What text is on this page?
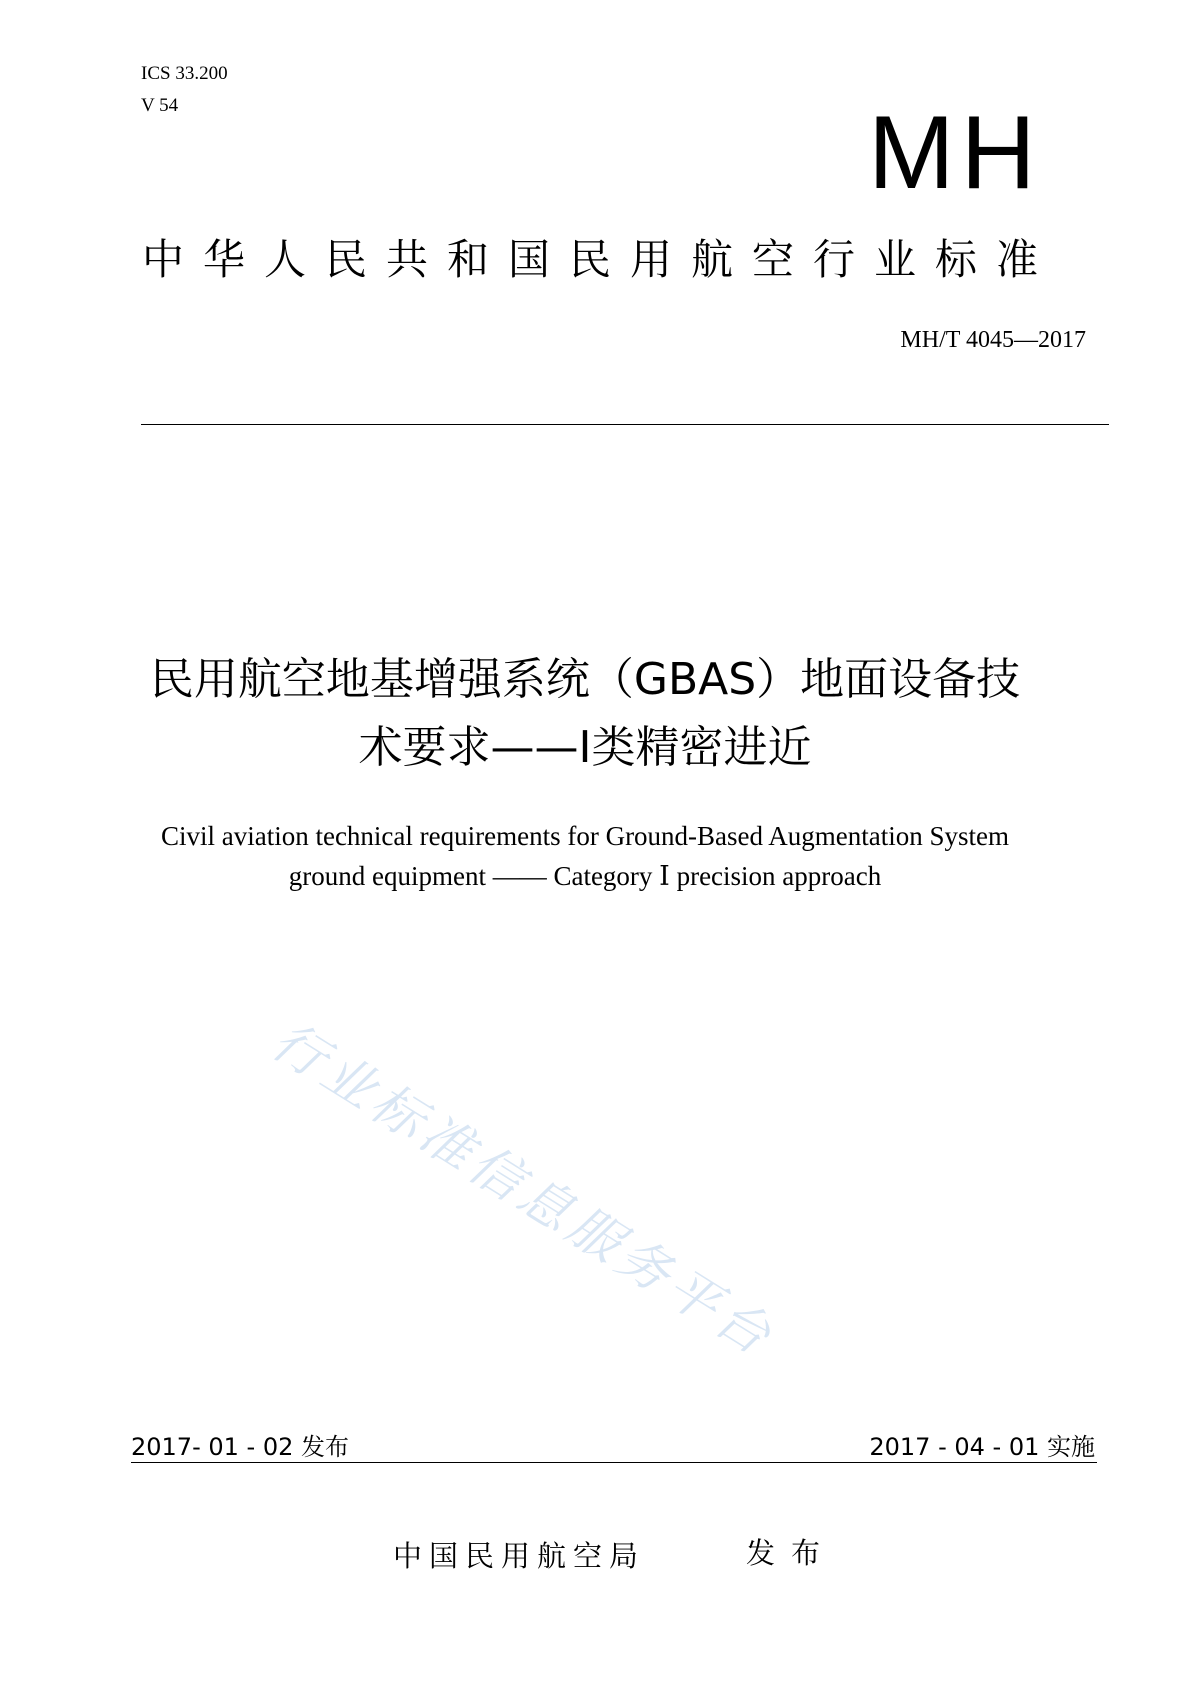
ICS 33.200
V 54	MH
中华人民共和国民用航空行业标准
MH/T 4045—2017
民用航空地基增强系统（GBAS）地面设备技
术要求——Ⅰ类精密进近
Civil aviation technical requirements for Ground-Based Augmentation System
ground equipment —— Category Ⅰ precision approach
行业标准信息服务平台
2017- 01 - 02 发布	2017 - 04 - 01 实施
中国民用航空局	发布
